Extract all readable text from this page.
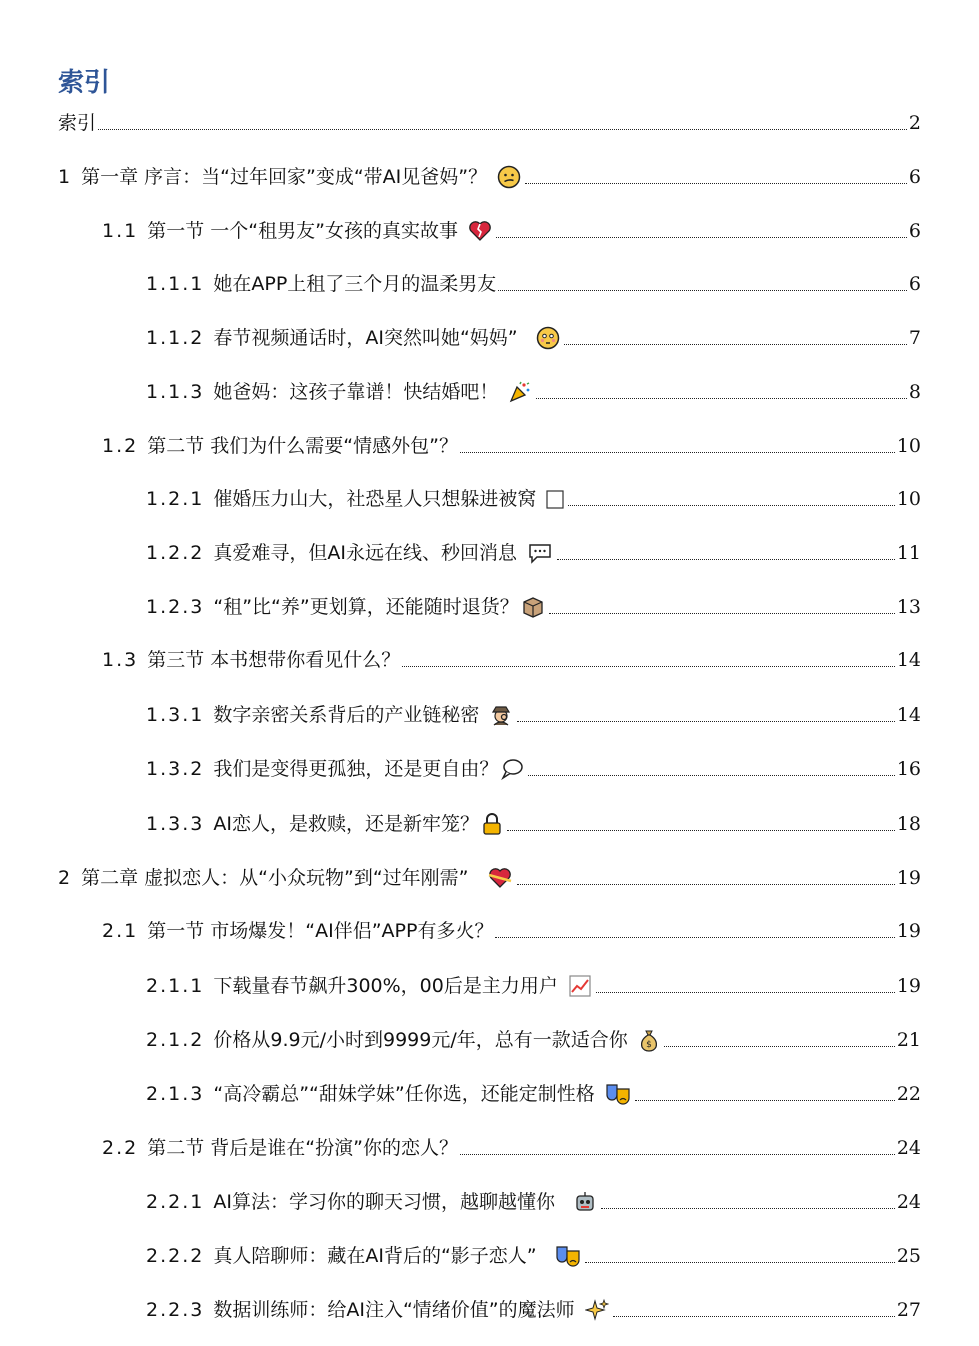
索引
索引	2
1 第一章 序言：当“过年回家”变成“带AI见爸妈”？	6
1.1 第一节 一个“租男友”女孩的真实故事	6
1.1.1 她在APP上租了三个月的温柔男友	6
1.1.2 春节视频通话时，AI突然叫她“妈妈”	7
1.1.3 她爸妈：这孩子靠谱！快结婚吧！	8
1.2 第二节 我们为什么需要“情感外包”？	10
1.2.1 催婚压力山大，社恐星人只想躲进被窝	10
1.2.2 真爱难寻，但AI永远在线、秒回消息	11
1.2.3 “租”比“养”更划算，还能随时退货？	13
1.3 第三节 本书想带你看见什么？	14
1.3.1 数字亲密关系背后的产业链秘密	14
1.3.2 我们是变得更孤独，还是更自由？	16
1.3.3 AI恋人，是救赎，还是新牢笼？	18
2 第二章 虚拟恋人：从“小众玩物”到“过年刚需”	19
2.1 第一节 市场爆发！“AI伴侣”APP有多火？	19
2.1.1 下载量春节飙升300%，00后是主力用户	19
2.1.2 价格从9.9元/小时到9999元/年，总有一款适合你 $	21
2.1.3 “高冷霸总”“甜妹学妹”任你选，还能定制性格	22
2.2 第二节 背后是谁在“扮演”你的恋人？	24
2.2.1 AI算法：学习你的聊天习惯，越聊越懂你	24
2.2.2 真人陪聊师：藏在AI背后的“影子恋人”	25
2.2.3 数据训练师：给AI注入“情绪价值”的魔法师	27
